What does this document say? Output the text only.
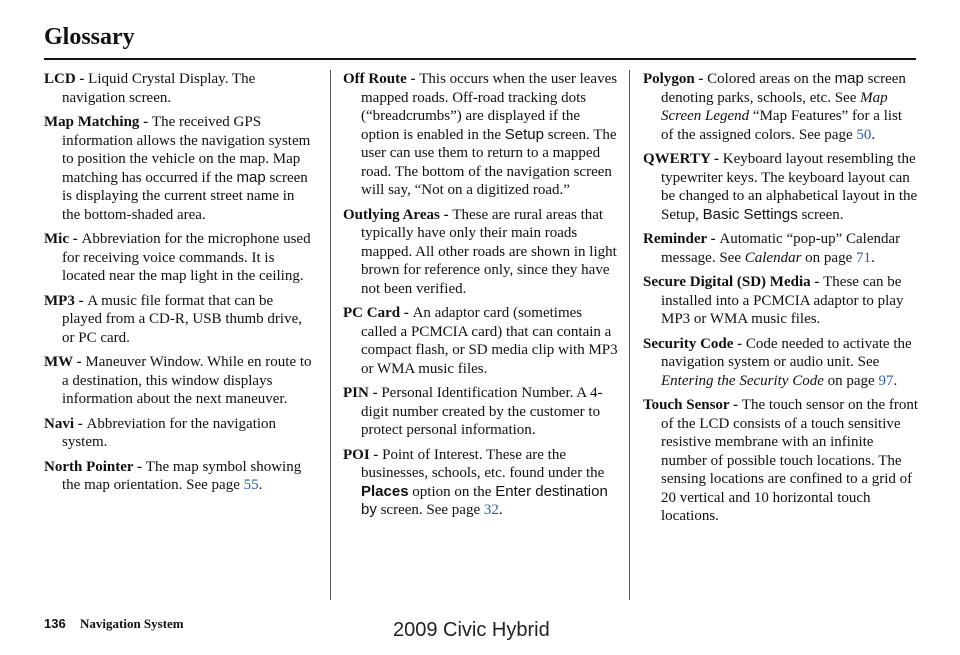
Glossary

LCD - Liquid Crystal Display. The navigation screen.

Map Matching - The received GPS information allows the navigation system to position the vehicle on the map. Map matching has occurred if the map screen is displaying the current street name in the bottom-shaded area.

Mic - Abbreviation for the microphone used for receiving voice commands. It is located near the map light in the ceiling.

MP3 - A music file format that can be played from a CD-R, USB thumb drive, or PC card.

MW - Maneuver Window. While en route to a destination, this window displays information about the next maneuver.

Navi - Abbreviation for the navigation system.

North Pointer - The map symbol showing the map orientation. See page 55.

Off Route - This occurs when the user leaves mapped roads. Off-road tracking dots (“breadcrumbs”) are displayed if the option is enabled in the Setup screen. The user can use them to return to a mapped road. The bottom of the navigation screen will say, “Not on a digitized road.”

Outlying Areas - These are rural areas that typically have only their main roads mapped. All other roads are shown in light brown for reference only, since they have not been verified.

PC Card - An adaptor card (sometimes called a PCMCIA card) that can contain a compact flash, or SD media clip with MP3 or WMA music files.

PIN - Personal Identification Number. A 4-digit number created by the customer to protect personal information.

POI - Point of Interest. These are the businesses, schools, etc. found under the Places option on the Enter destination by screen. See page 32.

Polygon - Colored areas on the map screen denoting parks, schools, etc. See Map Screen Legend “Map Features” for a list of the assigned colors. See page 50.

QWERTY - Keyboard layout resembling the typewriter keys. The keyboard layout can be changed to an alphabetical layout in the Setup, Basic Settings screen.

Reminder - Automatic “pop-up” Calendar message. See Calendar on page 71.

Secure Digital (SD) Media - These can be installed into a PCMCIA adaptor to play MP3 or WMA music files.

Security Code - Code needed to activate the navigation system or audio unit. See Entering the Security Code on page 97.

Touch Sensor - The touch sensor on the front of the LCD consists of a touch sensitive resistive membrane with an infinite number of possible touch locations. The sensing locations are confined to a grid of 20 vertical and 10 horizontal touch locations.

136 Navigation System	2009 Civic Hybrid
